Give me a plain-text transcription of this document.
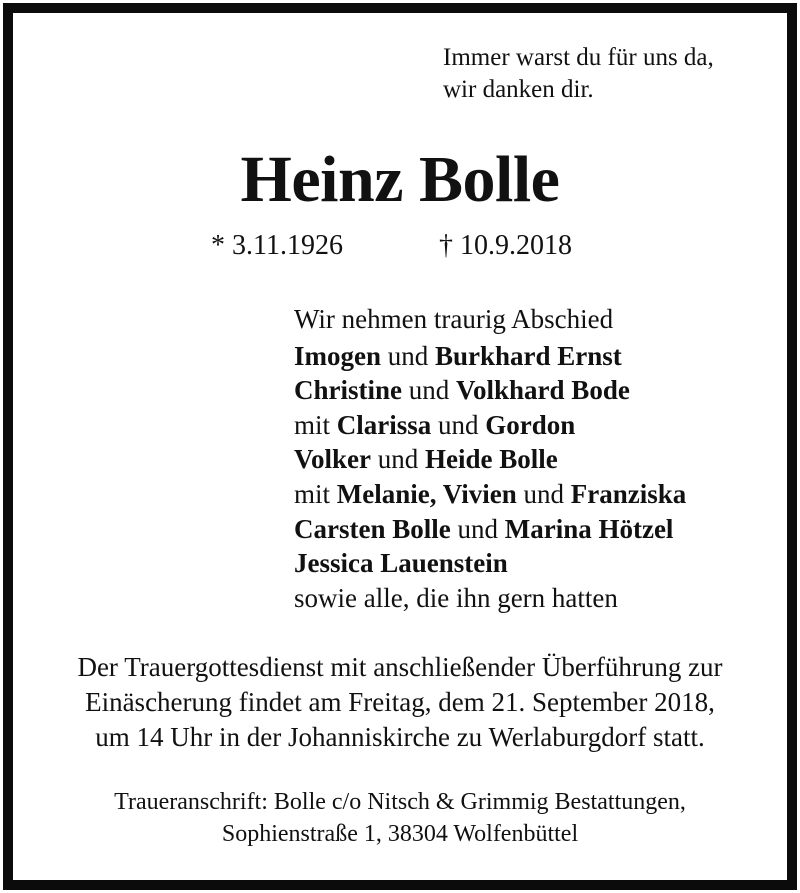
Immer warst du für uns da,
wir danken dir.
Heinz Bolle
* 3.11.1926	† 10.9.2018
Wir nehmen traurig Abschied
Imogen und Burkhard Ernst
Christine und Volkhard Bode
mit Clarissa und Gordon
Volker und Heide Bolle
mit Melanie, Vivien und Franziska
Carsten Bolle und Marina Hötzel
Jessica Lauenstein
sowie alle, die ihn gern hatten
Der Trauergottesdienst mit anschließender Überführung zur
Einäscherung findet am Freitag, dem 21. September 2018,
um 14 Uhr in der Johanniskirche zu Werlaburgdorf statt.
Traueranschrift: Bolle c/o Nitsch & Grimmig Bestattungen,
Sophienstraße 1, 38304 Wolfenbüttel
